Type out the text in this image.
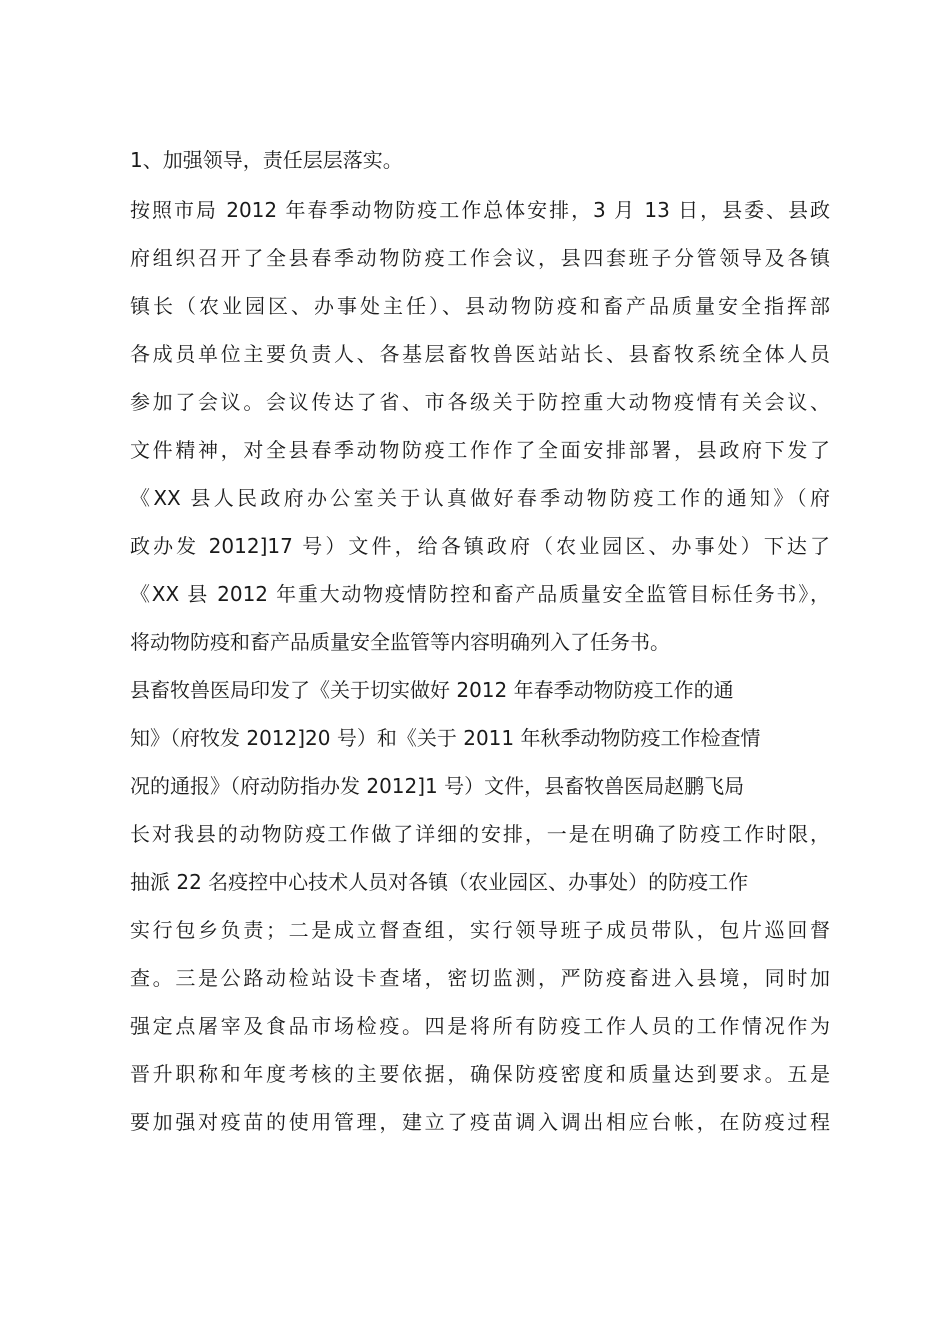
1、加强领导，责任层层落实。
按照市局 2012 年春季动物防疫工作总体安排，3 月 13 日，县委、县政
府组织召开了全县春季动物防疫工作会议，县四套班子分管领导及各镇
镇长（农业园区、办事处主任）、县动物防疫和畜产品质量安全指挥部
各成员单位主要负责人、各基层畜牧兽医站站长、县畜牧系统全体人员
参加了会议。会议传达了省、市各级关于防控重大动物疫情有关会议、
文件精神，对全县春季动物防疫工作作了全面安排部署，县政府下发了
《XX 县人民政府办公室关于认真做好春季动物防疫工作的通知》（府
政办发 2012]17 号）文件，给各镇政府（农业园区、办事处）下达了
《XX 县 2012 年重大动物疫情防控和畜产品质量安全监管目标任务书》，
将动物防疫和畜产品质量安全监管等内容明确列入了任务书。
县畜牧兽医局印发了《关于切实做好 2012 年春季动物防疫工作的通
知》（府牧发 2012]20 号）和《关于 2011 年秋季动物防疫工作检查情
况的通报》（府动防指办发 2012]1 号）文件，县畜牧兽医局赵鹏飞局
长对我县的动物防疫工作做了详细的安排，一是在明确了防疫工作时限，
抽派 22 名疫控中心技术人员对各镇（农业园区、办事处）的防疫工作
实行包乡负责；二是成立督查组，实行领导班子成员带队，包片巡回督
查。三是公路动检站设卡查堵，密切监测，严防疫畜进入县境，同时加
强定点屠宰及食品市场检疫。四是将所有防疫工作人员的工作情况作为
晋升职称和年度考核的主要依据，确保防疫密度和质量达到要求。五是
要加强对疫苗的使用管理，建立了疫苗调入调出相应台帐，在防疫过程
